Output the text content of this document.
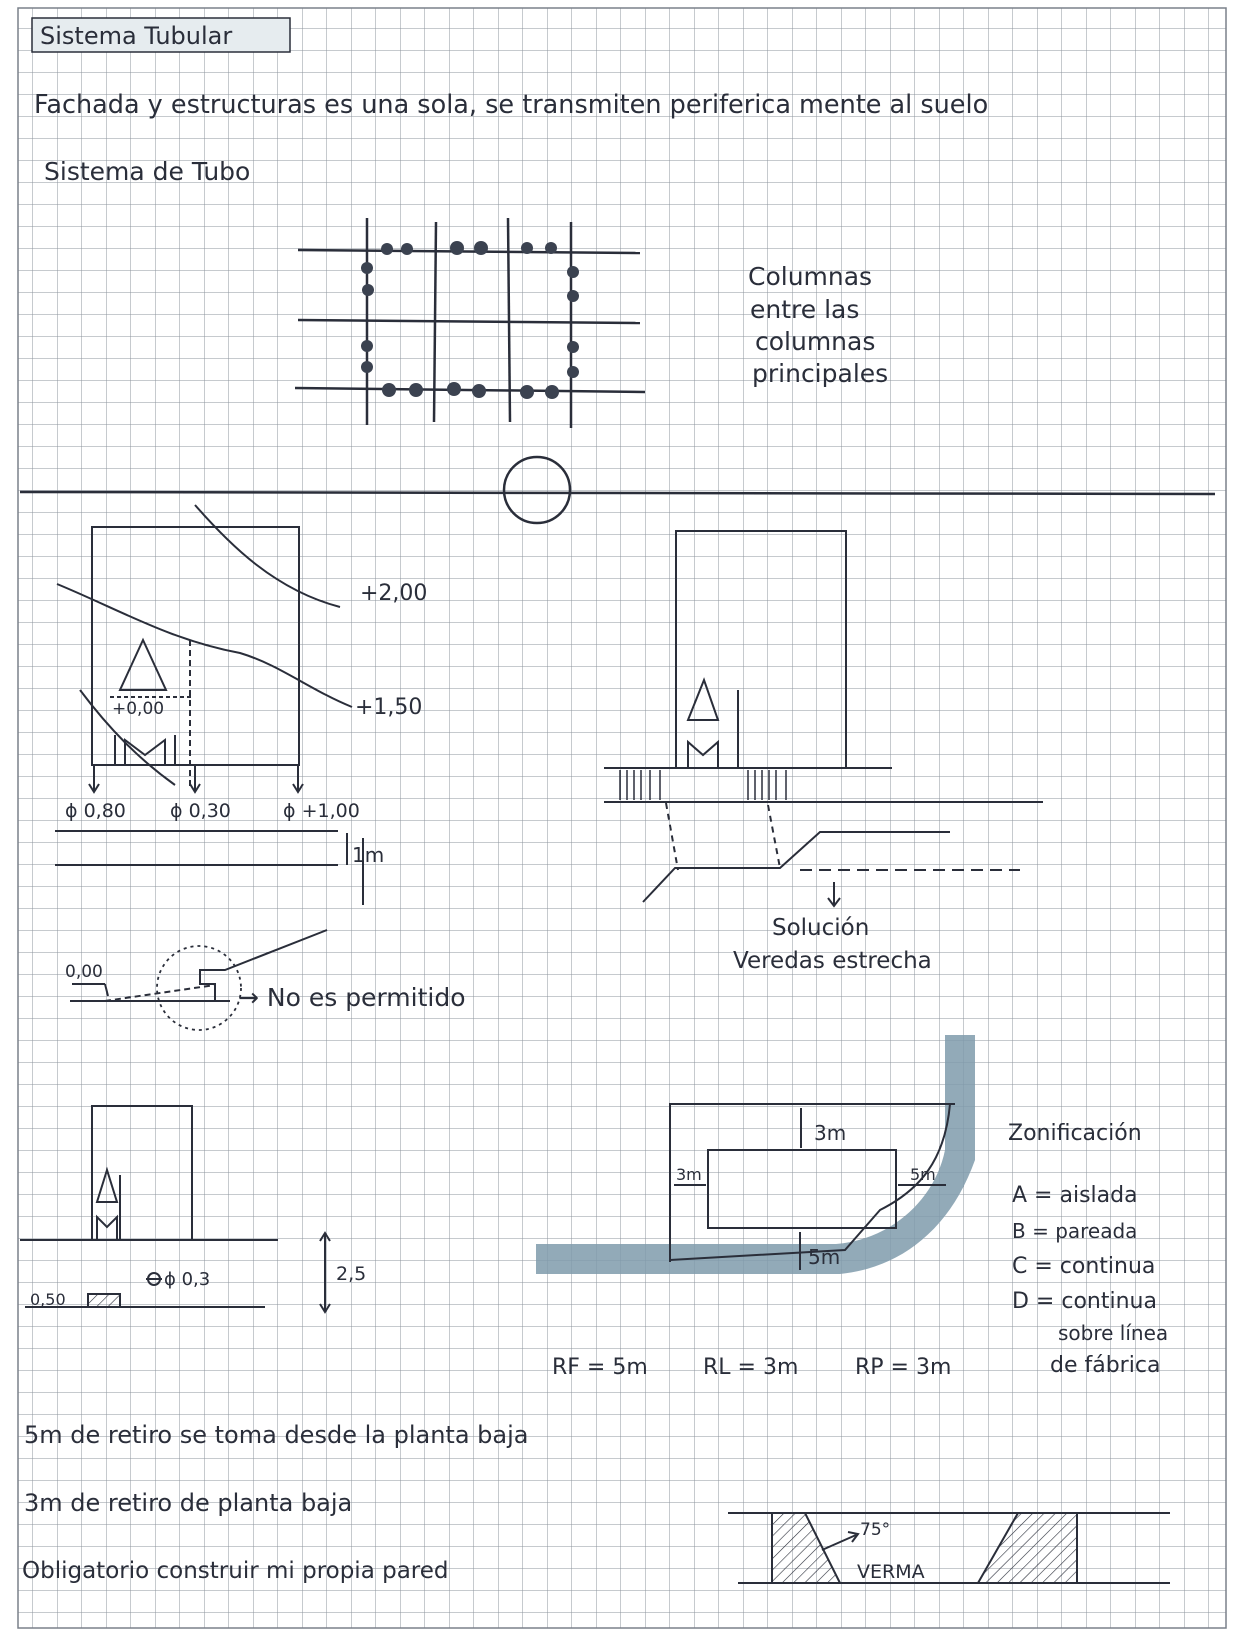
Sistema Tubular
Fachada y estructuras es una sola, se transmiten periferica mente al suelo
Sistema de Tubo
Columnas
entre las
columnas
principales
+2,00
+1,50
+0,00
ɸ 0,80 ɸ 0,30	ɸ +1,00
1m
Solución
Veredas estrecha
0,00
→ No es permitido
ɸ 0,3
0,50
2,5
3m
3m	5m
5m
RF = 5m	RL = 3m	RP = 3m
Zonificación
A = aislada
B = pareada
C = continua
D = continua
sobre línea
de fábrica
5m de retiro se toma desde la planta baja
3m de retiro de planta baja
Obligatorio construir mi propia pared
75°
VERMA
